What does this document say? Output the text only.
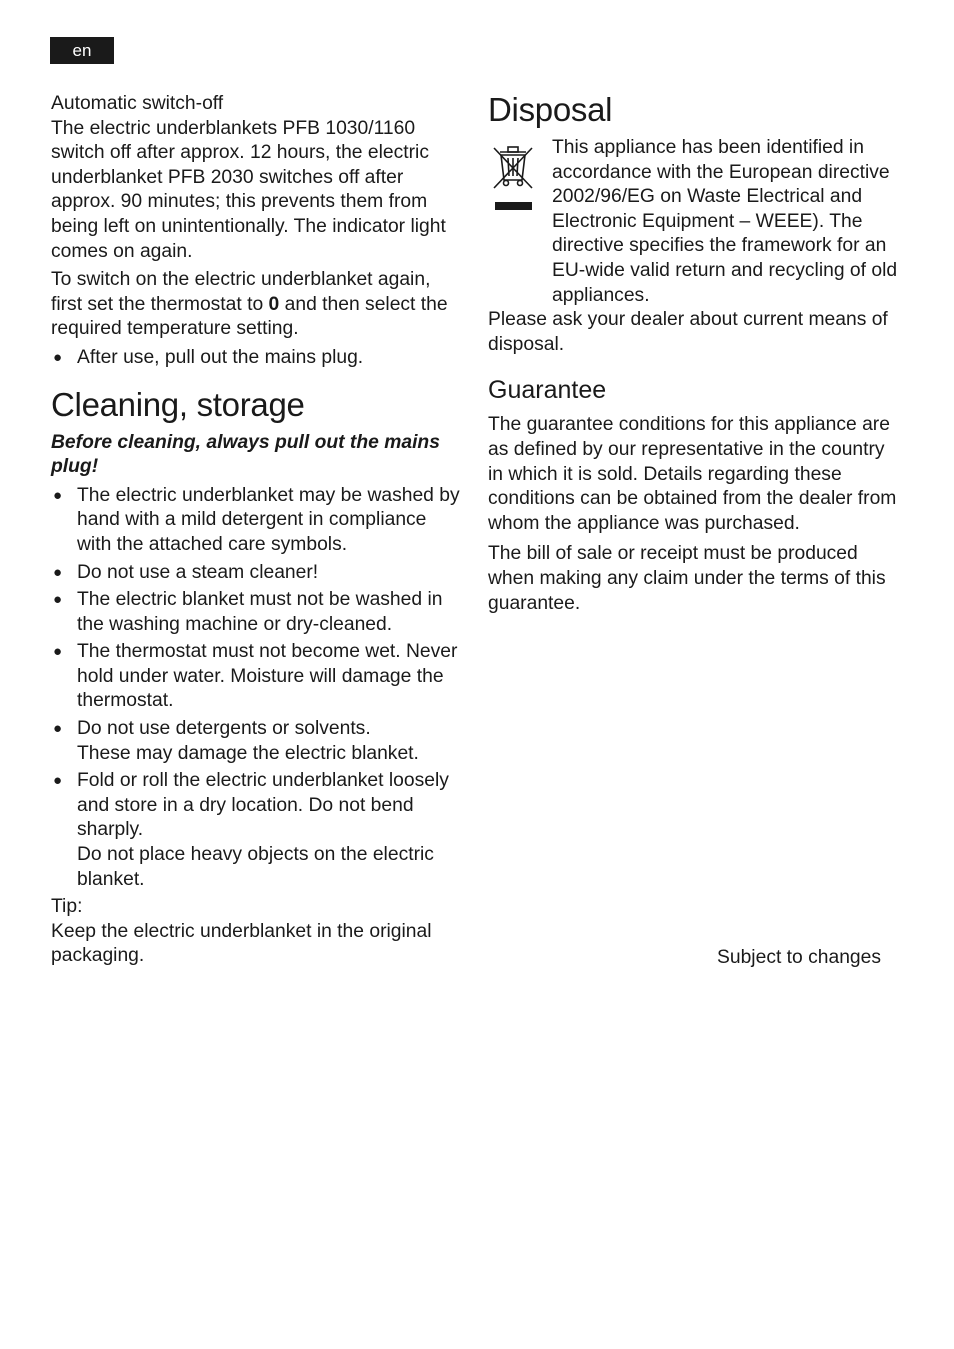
en

Automatic switch-off

The electric underblankets PFB 1030/1160 switch off after approx. 12 hours, the electric underblanket PFB 2030 switches off after approx. 90 minutes; this prevents them from being left on unintentionally. The indicator light comes on again.

To switch on the electric underblanket again, first set the thermostat to 0 and then select the required temperature setting.

● After use, pull out the mains plug.
Cleaning, storage

Before cleaning, always pull out the mains plug!

● The electric underblanket may be washed by hand with a mild detergent in compliance with the attached care symbols.
● Do not use a steam cleaner!
● The electric blanket must not be washed in the washing machine or dry-cleaned.
● The thermostat must not become wet. Never hold under water. Moisture will damage the thermostat.
● Do not use detergents or solvents.
These may damage the electric blanket.
● Fold or roll the electric underblanket loosely and store in a dry location. Do not bend sharply.
Do not place heavy objects on the electric blanket.

Tip:

Keep the electric underblanket in the original packaging.

Disposal

This appliance has been identified in accordance with the European directive 2002/96/EG on Waste Electrical and Electronic Equipment – WEEE). The directive specifies the framework for an EU-wide valid return and recycling of old appliances.

Please ask your dealer about current means of disposal.

Guarantee

The guarantee conditions for this appliance are as defined by our representative in the country in which it is sold. Details regarding these conditions can be obtained from the dealer from whom the appliance was purchased.

The bill of sale or receipt must be produced when making any claim under the terms of this guarantee.

Subject to changes
